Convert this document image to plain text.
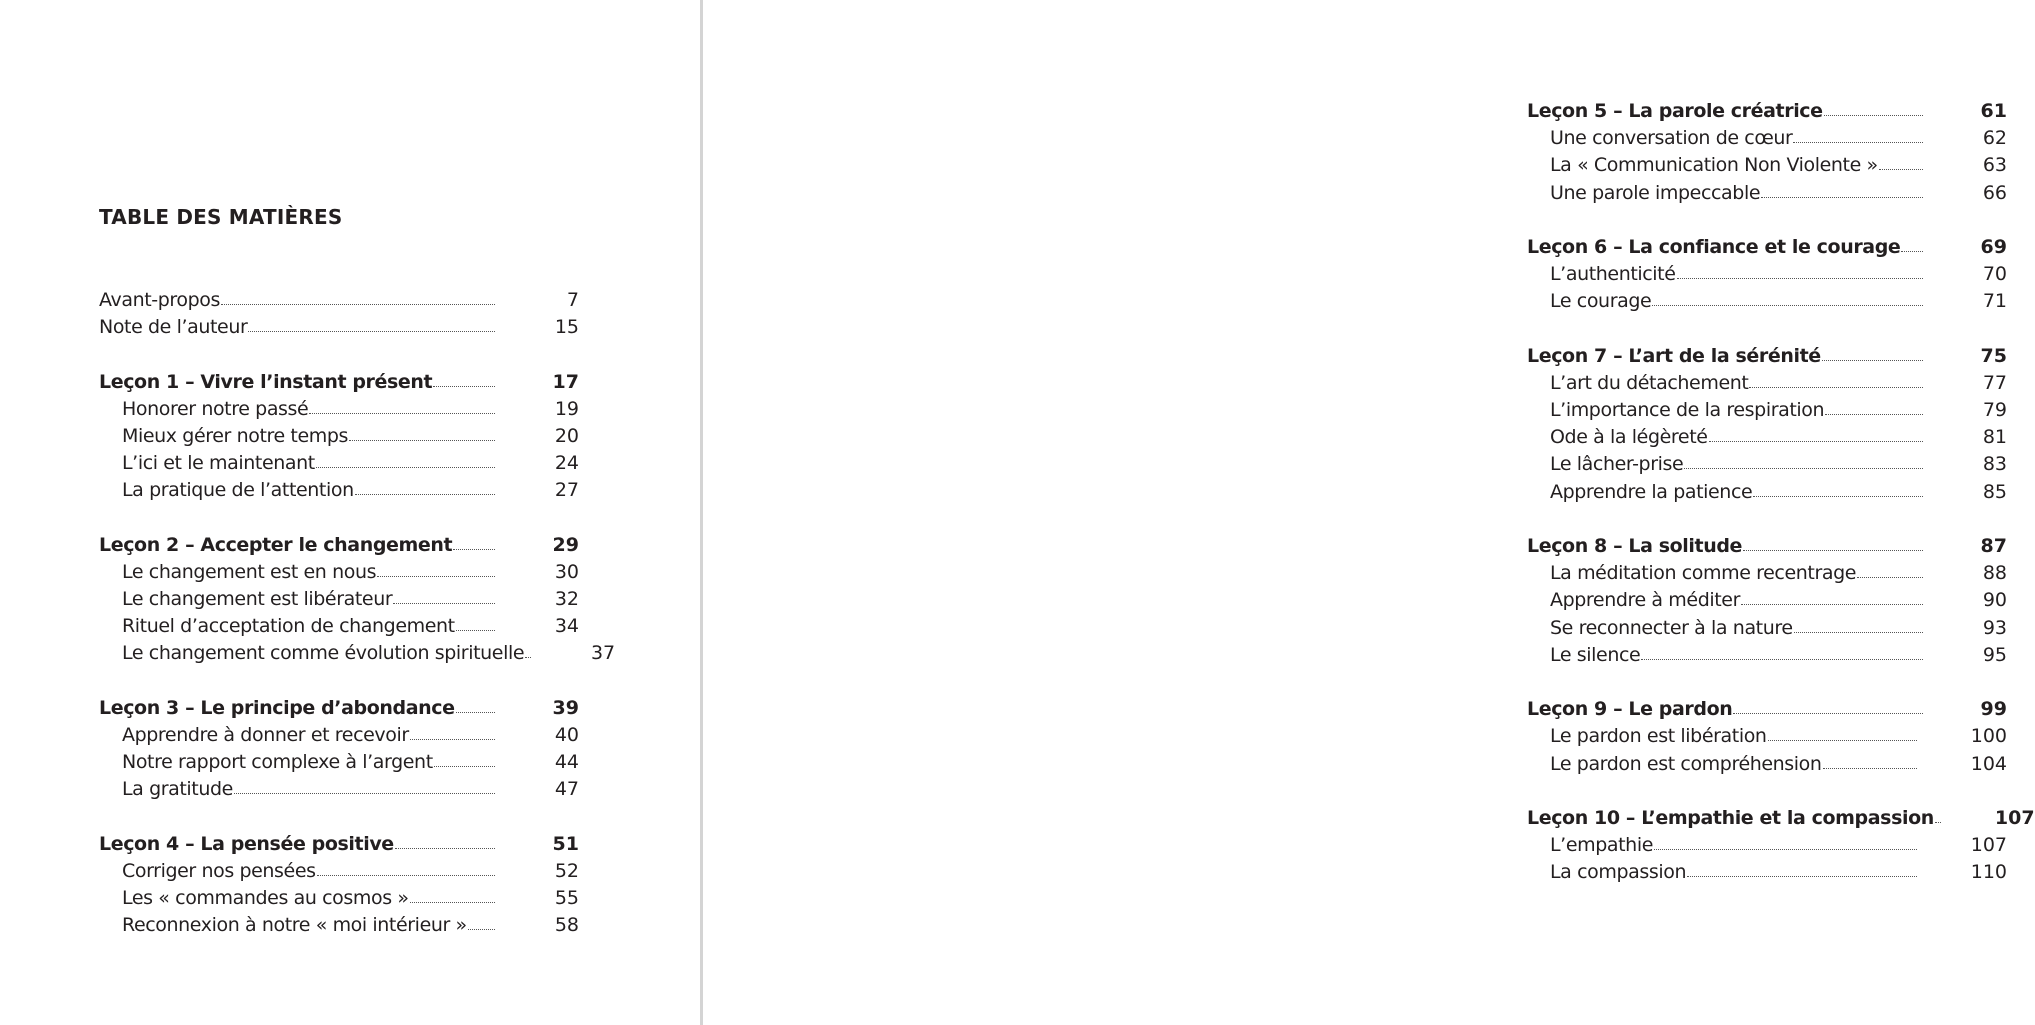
TABLE DES MATIÈRES
Avant-propos	7
Note de l’auteur	15
Leçon 1 – Vivre l’instant présent	17
Honorer notre passé	19
Mieux gérer notre temps	20
L’ici et le maintenant	24
La pratique de l’attention	27
Leçon 2 – Accepter le changement	29
Le changement est en nous	30
Le changement est libérateur	32
Rituel d’acceptation de changement	34
Le changement comme évolution spirituelle	37
Leçon 3 – Le principe d’abondance	39
Apprendre à donner et recevoir	40
Notre rapport complexe à l’argent	44
La gratitude	47
Leçon 4 – La pensée positive	51
Corriger nos pensées	52
Les « commandes au cosmos »	55
Reconnexion à notre « moi intérieur »	58
Leçon 5 – La parole créatrice	61
Une conversation de cœur	62
La « Communication Non Violente »	63
Une parole impeccable	66
Leçon 6 – La confiance et le courage	69
L’authenticité	70
Le courage	71
Leçon 7 – L’art de la sérénité	75
L’art du détachement	77
L’importance de la respiration	79
Ode à la légèreté	81
Le lâcher-prise	83
Apprendre la patience	85
Leçon 8 – La solitude	87
La méditation comme recentrage	88
Apprendre à méditer	90
Se reconnecter à la nature	93
Le silence	95
Leçon 9 – Le pardon	99
Le pardon est libération	100
Le pardon est compréhension	104
Leçon 10 – L’empathie et la compassion	107
L’empathie	107
La compassion	110
